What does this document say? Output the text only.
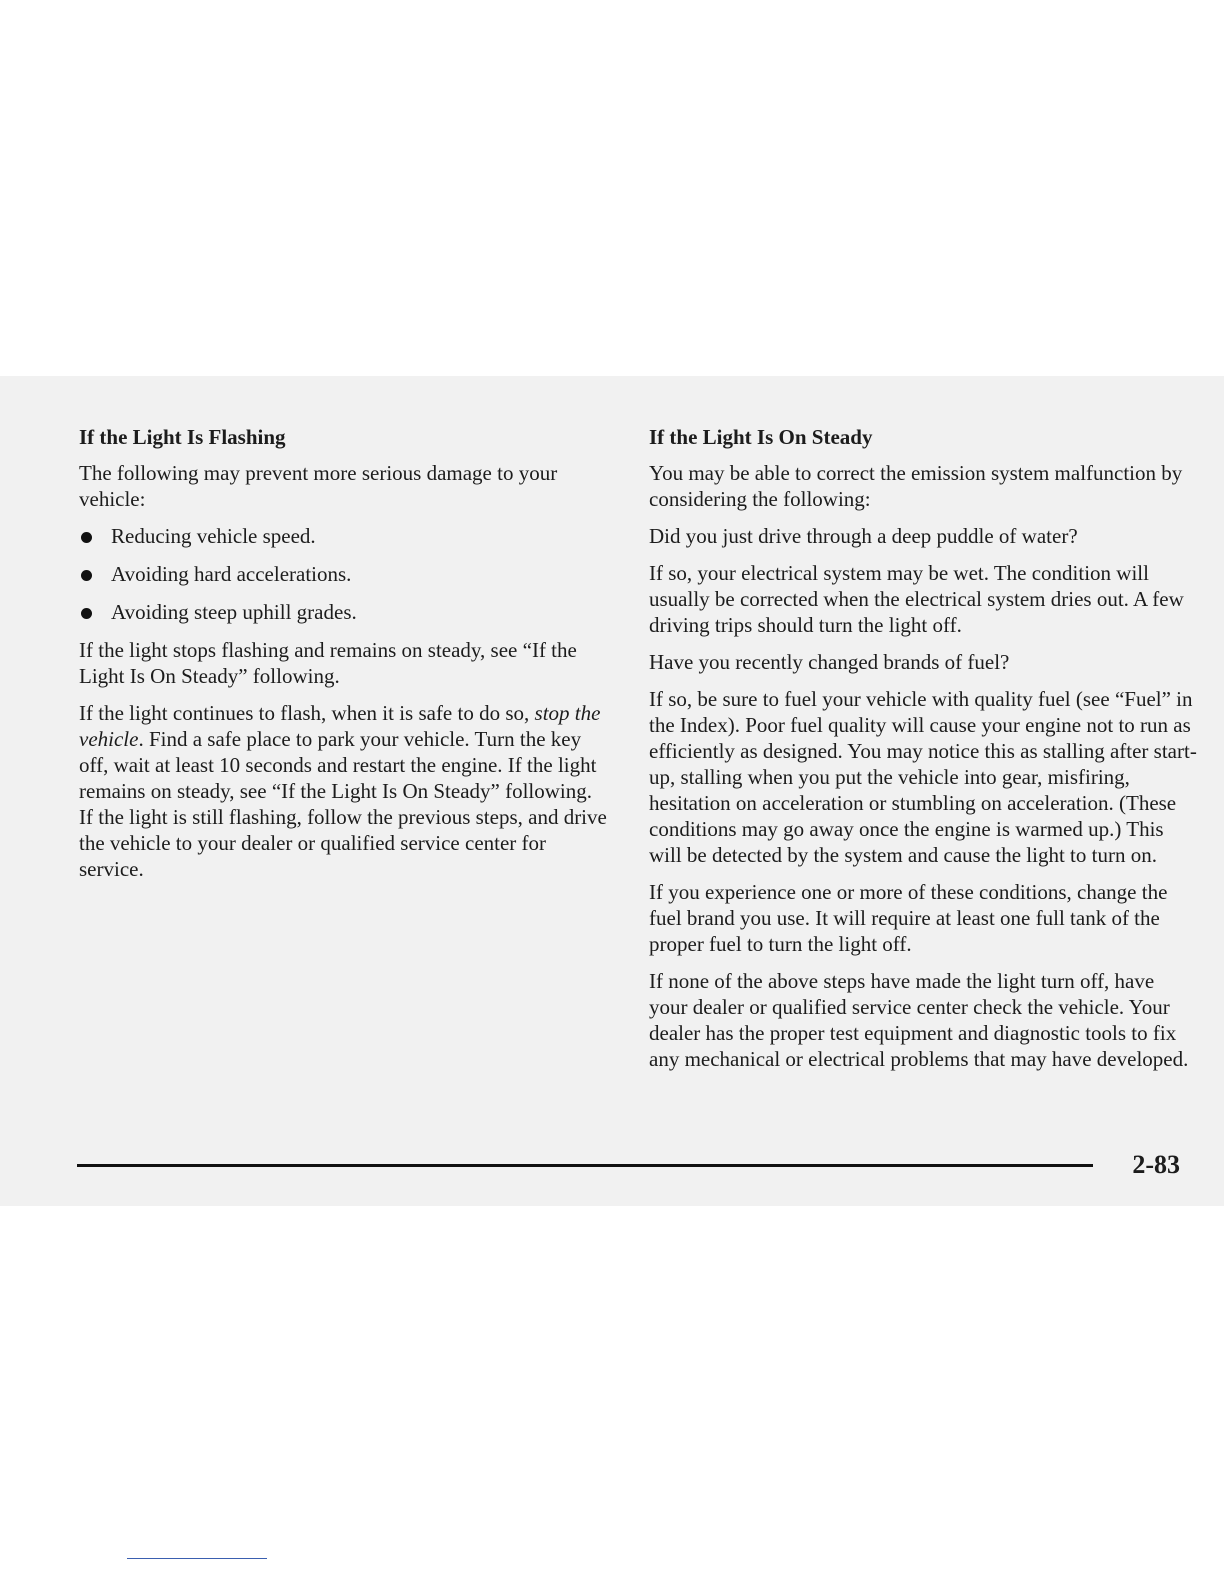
If the Light Is Flashing

The following may prevent more serious damage to your vehicle:

Reducing vehicle speed.
Avoiding hard accelerations.
Avoiding steep uphill grades.

If the light stops flashing and remains on steady, see “If the Light Is On Steady” following.

If the light continues to flash, when it is safe to do so, stop the vehicle. Find a safe place to park your vehicle. Turn the key off, wait at least 10 seconds and restart the engine. If the light remains on steady, see “If the Light Is On Steady” following. If the light is still flashing, follow the previous steps, and drive the vehicle to your dealer or qualified service center for service.

If the Light Is On Steady

You may be able to correct the emission system malfunction by considering the following:

Did you just drive through a deep puddle of water?

If so, your electrical system may be wet. The condition will usually be corrected when the electrical system dries out. A few driving trips should turn the light off.

Have you recently changed brands of fuel?

If so, be sure to fuel your vehicle with quality fuel (see “Fuel” in the Index). Poor fuel quality will cause your engine not to run as efficiently as designed. You may notice this as stalling after start-up, stalling when you put the vehicle into gear, misfiring, hesitation on acceleration or stumbling on acceleration. (These conditions may go away once the engine is warmed up.) This will be detected by the system and cause the light to turn on.

If you experience one or more of these conditions, change the fuel brand you use. It will require at least one full tank of the proper fuel to turn the light off.

If none of the above steps have made the light turn off, have your dealer or qualified service center check the vehicle. Your dealer has the proper test equipment and diagnostic tools to fix any mechanical or electrical problems that may have developed.

2-83
